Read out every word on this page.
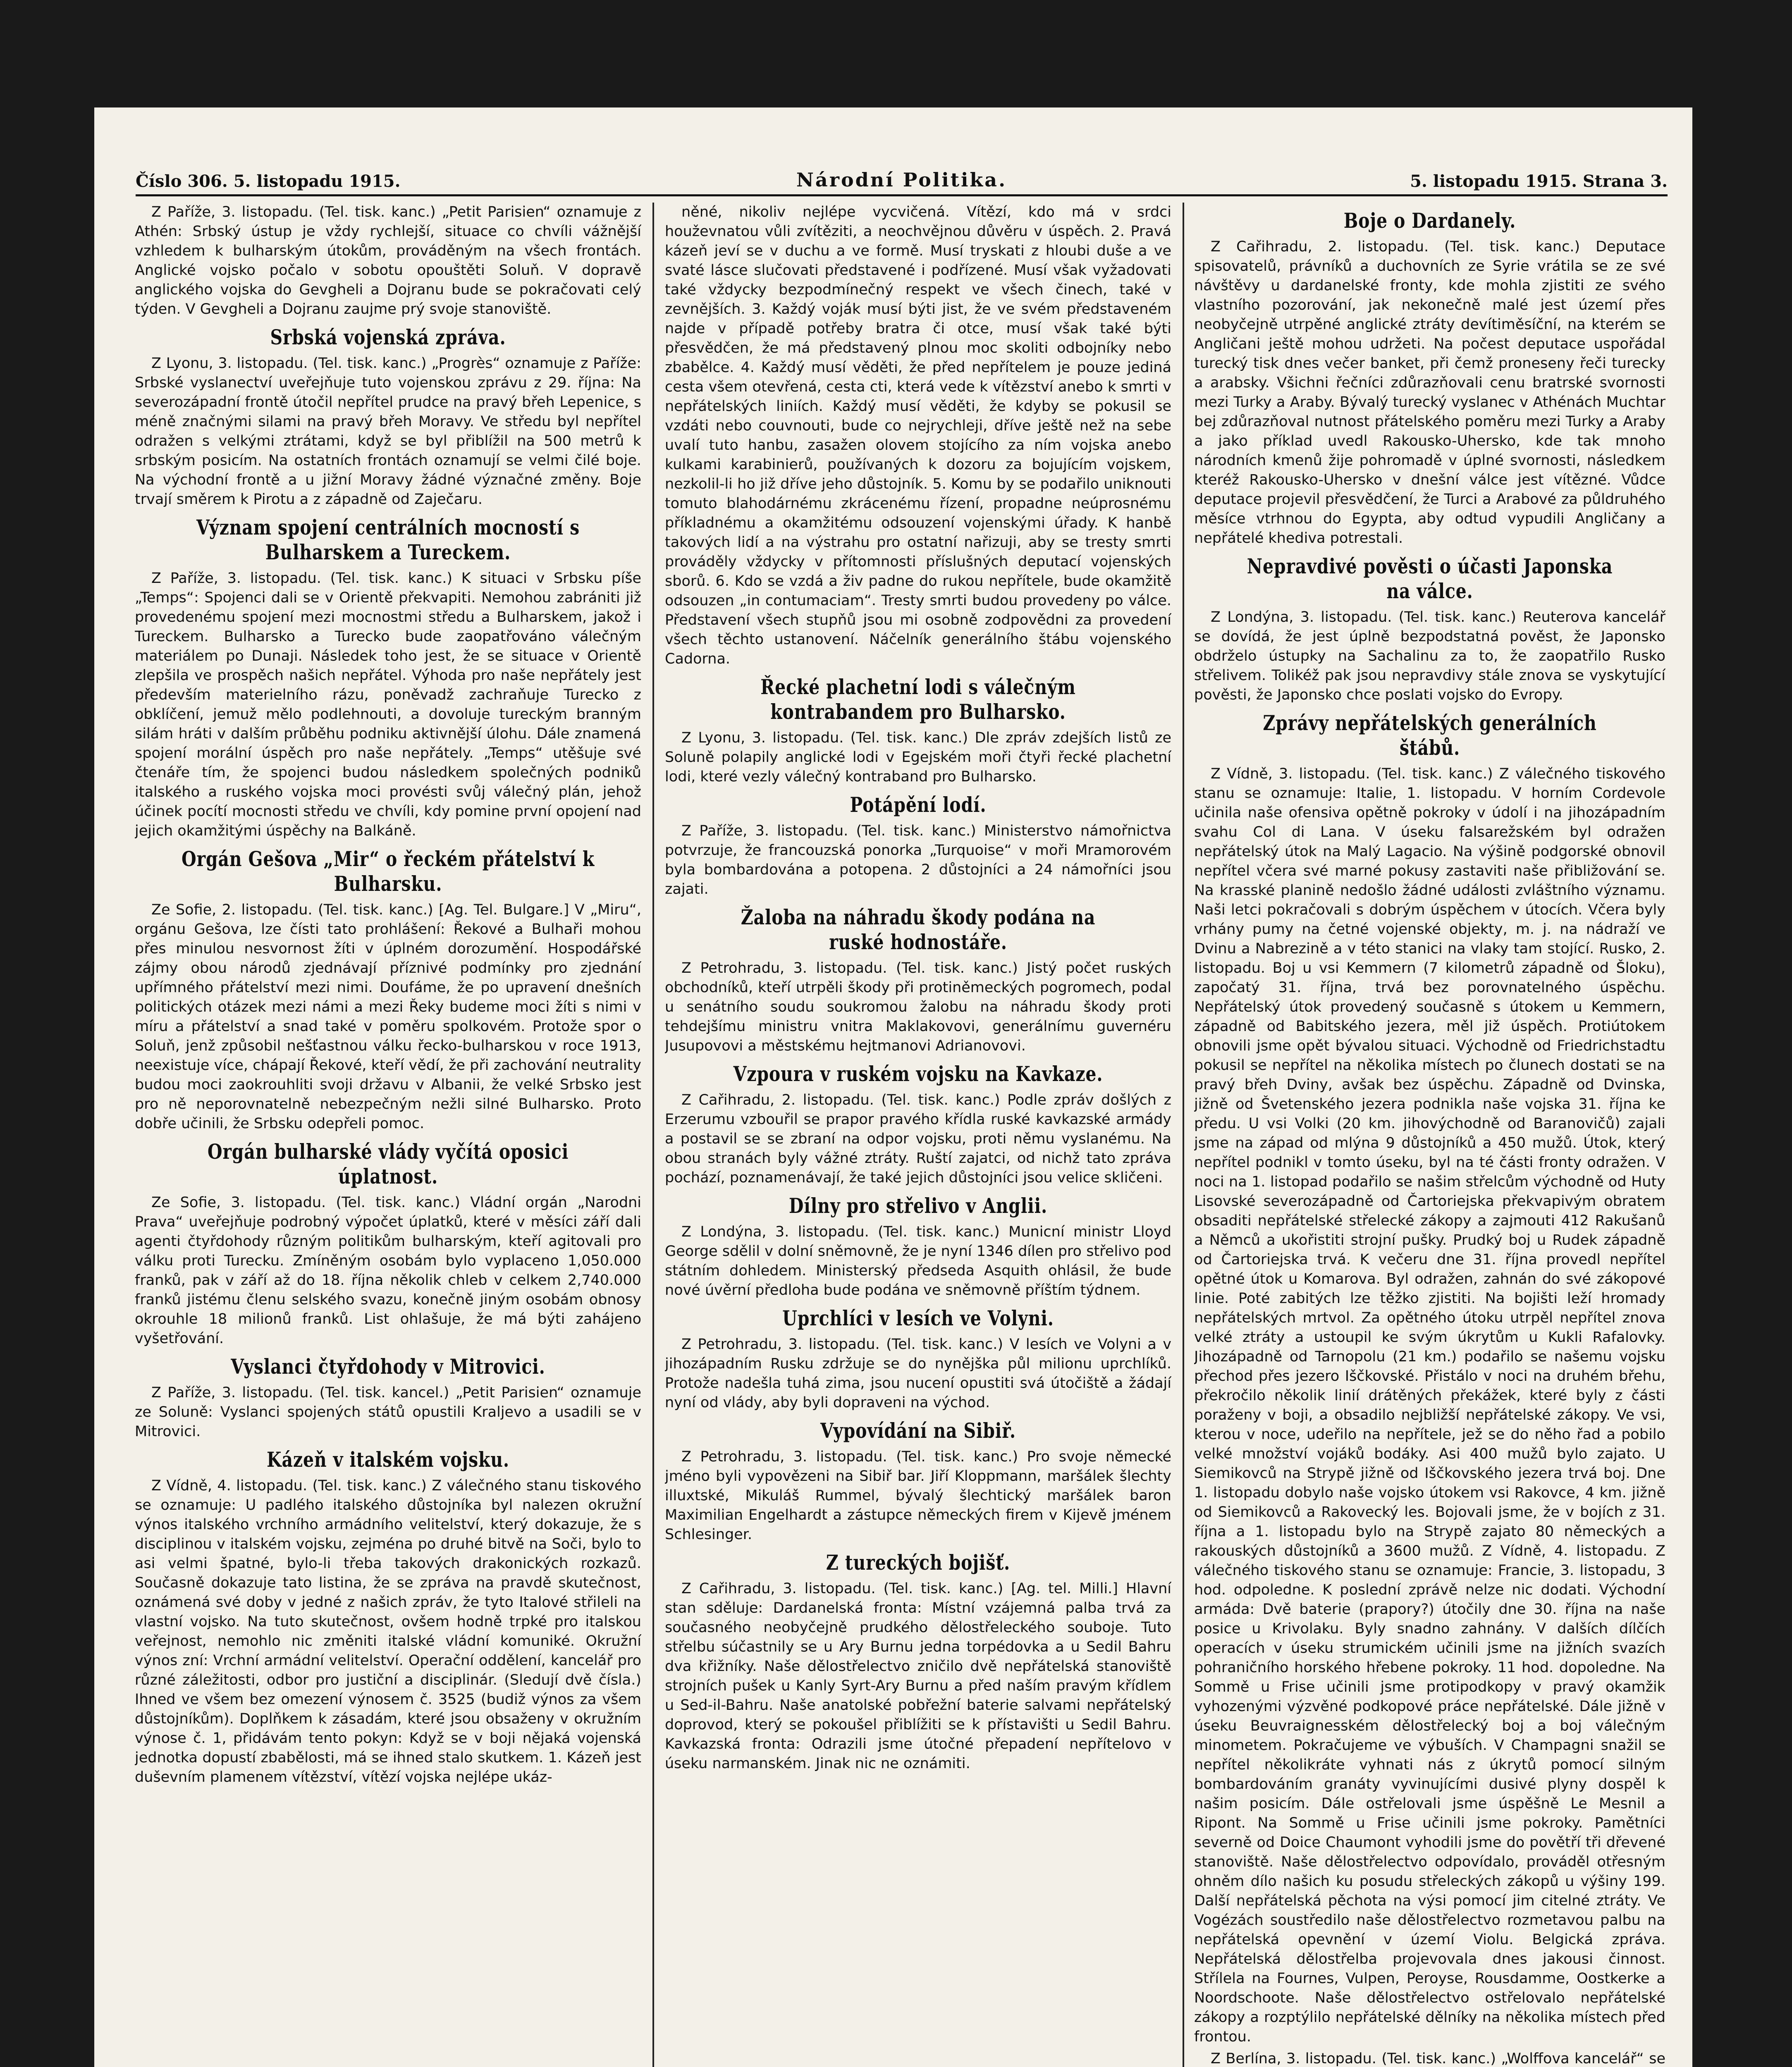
Číslo 306. 5. listopadu 1915.	Národní Politika.	5. listopadu 1915. Strana 3.

Z Paříže, 3. listopadu. (Tel. tisk. kanc.) „Petit Parisien“ oznamuje z Athén: Srbský ústup je vždy rychlejší, situace co chvíli vážnější vzhledem k bulharským útokům, prováděným na všech frontách. Anglické vojsko počalo v sobotu opouštěti Soluň. V dopravě anglického vojska do Gevgheli a Dojranu bude se pokračovati celý týden. V Gevgheli a Dojranu zaujme prý svoje stanoviště.

Srbská vojenská zpráva.

Z Lyonu, 3. listopadu. (Tel. tisk. kanc.) „Progrès“ oznamuje z Paříže: Srbské vyslanectví uveřejňuje tuto vojenskou zprávu z 29. října: Na severozápadní frontě útočil nepřítel prudce na pravý břeh Lepenice, s méně značnými silami na pravý břeh Moravy. Ve středu byl nepřítel odražen s velkými ztrátami, když se byl přiblížil na 500 metrů k srbským posicím. Na ostatních frontách oznamují se velmi čilé boje. Na východní frontě a u jižní Moravy žádné význačné změny. Boje trvají směrem k Pirotu a z západně od Zaječaru.

Význam spojení centrálních mocností s Bulharskem a Tureckem.

Z Paříže, 3. listopadu. (Tel. tisk. kanc.) K situaci v Srbsku píše „Temps“: Spojenci dali se v Orientě překvapiti. Nemohou zabrániti již provedenému spojení mezi mocnostmi středu a Bulharskem, jakož i Tureckem. Bulharsko a Turecko bude zaopatřováno válečným materiálem po Dunaji. Následek toho jest, že se situace v Orientě zlepšila ve prospěch našich nepřátel. Výhoda pro naše nepřátely jest především materielního rázu, poněvadž zachraňuje Turecko z obklíčení, jemuž mělo podlehnouti, a dovoluje tureckým branným silám hráti v dalším průběhu podniku aktivnější úlohu. Dále znamená spojení morální úspěch pro naše nepřátely. „Temps“ utěšuje své čtenáře tím, že spojenci budou následkem společných podniků italského a ruského vojska moci provésti svůj válečný plán, jehož účinek pocítí mocnosti středu ve chvíli, kdy pomine první opojení nad jejich okamžitými úspěchy na Balkáně.

Orgán Gešova „Mir“ o řeckém přátelství k Bulharsku.

Ze Sofie, 2. listopadu. (Tel. tisk. kanc.) [Ag. Tel. Bulgare.] V „Miru“, orgánu Gešova, lze čísti tato prohlášení: Řekové a Bulhaři mohou přes minulou nesvornost žíti v úplném dorozumění. Hospodářské zájmy obou národů zjednávají příznivé podmínky pro zjednání upřímného přátelství mezi nimi. Doufáme, že po upravení dnešních politických otázek mezi námi a mezi Řeky budeme moci žíti s nimi v míru a přátelství a snad také v poměru spolkovém. Protože spor o Soluň, jenž způsobil nešťastnou válku řecko-bulharskou v roce 1913, neexistuje více, chápají Řekové, kteří vědí, že při zachování neutrality budou moci zaokrouhliti svoji državu v Albanii, že velké Srbsko jest pro ně neporovnatelně nebezpečným nežli silné Bulharsko. Proto dobře učinili, že Srbsku odepřeli pomoc.

Orgán bulharské vlády vyčítá oposici úplatnost.

Ze Sofie, 3. listopadu. (Tel. tisk. kanc.) Vládní orgán „Narodni Prava“ uveřejňuje podrobný výpočet úplatků, které v měsíci září dali agenti čtyřdohody různým politikům bulharským, kteří agitovali pro válku proti Turecku. Zmíněným osobám bylo vyplaceno 1,050.000 franků, pak v září až do 18. října několik chleb v celkem 2,740.000 franků jistému členu selského svazu, konečně jiným osobám obnosy okrouhle 18 milionů franků. List ohlašuje, že má býti zahájeno vyšetřování.

Vyslanci čtyřdohody v Mitrovici.

Z Paříže, 3. listopadu. (Tel. tisk. kancel.) „Petit Parisien“ oznamuje ze Soluně: Vyslanci spojených států opustili Kraljevo a usadili se v Mitrovici.

Kázeň v italském vojsku.

Z Vídně, 4. listopadu. (Tel. tisk. kanc.) Z válečného stanu tiskového se oznamuje: U padlého italského důstojníka byl nalezen okružní výnos italského vrchního armádního velitelství, který dokazuje, že s disciplinou v italském vojsku, zejména po druhé bitvě na Soči, bylo to asi velmi špatné, bylo-li třeba takových drakonických rozkazů. Současně dokazuje tato listina, že se zpráva na pravdě skutečnost, oznámená své doby v jedné z našich zpráv, že tyto Italové střileli na vlastní vojsko. Na tuto skutečnost, ovšem hodně trpké pro italskou veřejnost, nemohlo nic změniti italské vládní komuniké. Okružní výnos zní: Vrchní armádní velitelství. Operační oddělení, kancelář pro různé záležitosti, odbor pro justiční a disciplinár. (Sledují dvě čísla.) Ihned ve všem bez omezení výnosem č. 3525 (budiž výnos za všem důstojníkům). Doplňkem k zásadám, které jsou obsaženy v okružním výnose č. 1, přidávám tento pokyn: Když se v boji nějaká vojenská jednotka dopustí zbabělosti, má se ihned stalo skutkem. 1. Kázeň jest duševním plamenem vítězství, vítězí vojska nejlépe ukáz-

něné, nikoliv nejlépe vycvičená. Vítězí, kdo má v srdci houževnatou vůli zvítěziti, a neochvějnou důvěru v úspěch. 2. Pravá kázeň jeví se v duchu a ve formě. Musí tryskati z hloubi duše a ve svaté lásce slučovati představené i podřízené. Musí však vyžadovati také vždycky bezpodmínečný respekt ve všech činech, také v zevnějších. 3. Každý voják musí býti jist, že ve svém představeném najde v případě potřeby bratra či otce, musí však také býti přesvědčen, že má představený plnou moc skoliti odbojníky nebo zbabělce. 4. Každý musí věděti, že před nepřítelem je pouze jediná cesta všem otevřená, cesta cti, která vede k vítězství anebo k smrti v nepřátelských liniích. Každý musí věděti, že kdyby se pokusil se vzdáti nebo couvnouti, bude co nejrychleji, dříve ještě než na sebe uvalí tuto hanbu, zasažen olovem stojícího za ním vojska anebo kulkami karabinierů, používaných k dozoru za bojujícím vojskem, nezkolil-li ho již dříve jeho důstojník. 5. Komu by se podařilo uniknouti tomuto blahodárnému zkrácenému řízení, propadne neúprosnému příkladnému a okamžitému odsouzení vojenskými úřady. K hanbě takových lidí a na výstrahu pro ostatní nařizuji, aby se tresty smrti prováděly vždycky v přítomnosti příslušných deputací vojenských sborů. 6. Kdo se vzdá a živ padne do rukou nepřítele, bude okamžitě odsouzen „in contumaciam“. Tresty smrti budou provedeny po válce. Představení všech stupňů jsou mi osobně zodpovědni za provedení všech těchto ustanovení. Náčelník generálního štábu vojenského Cadorna.

Řecké plachetní lodi s válečným kontrabandem pro Bulharsko.

Z Lyonu, 3. listopadu. (Tel. tisk. kanc.) Dle zpráv zdejších listů ze Soluně polapily anglické lodi v Egejském moři čtyři řecké plachetní lodi, které vezly válečný kontraband pro Bulharsko.

Potápění lodí.

Z Paříže, 3. listopadu. (Tel. tisk. kanc.) Ministerstvo námořnictva potvrzuje, že francouzská ponorka „Turquoise“ v moři Mramorovém byla bombardována a potopena. 2 důstojníci a 24 námořníci jsou zajati.

Žaloba na náhradu škody podána na ruské hodnostáře.

Z Petrohradu, 3. listopadu. (Tel. tisk. kanc.) Jistý počet ruských obchodníků, kteří utrpěli škody při protiněmeckých pogromech, podal u senátního soudu soukromou žalobu na náhradu škody proti tehdejšímu ministru vnitra Maklakovovi, generálnímu guvernéru Jusupovovi a městskému hejtmanovi Adrianovovi.

Vzpoura v ruském vojsku na Kavkaze.

Z Cařihradu, 2. listopadu. (Tel. tisk. kanc.) Podle zpráv došlých z Erzerumu vzbouřil se prapor pravého křídla ruské kavkazské armády a postavil se se zbraní na odpor vojsku, proti němu vyslanému. Na obou stranách byly vážné ztráty. Ruští zajatci, od nichž tato zpráva pochází, poznamenávají, že také jejich důstojníci jsou velice skličeni.

Dílny pro střelivo v Anglii.

Z Londýna, 3. listopadu. (Tel. tisk. kanc.) Municní ministr Lloyd George sdělil v dolní sněmovně, že je nyní 1346 dílen pro střelivo pod státním dohledem. Ministerský předseda Asquith ohlásil, že bude nové úvěrní předloha bude podána ve sněmovně příštím týdnem.

Uprchlíci v lesích ve Volyni.

Z Petrohradu, 3. listopadu. (Tel. tisk. kanc.) V lesích ve Volyni a v jihozápadním Rusku zdržuje se do nynějška půl milionu uprchlíků. Protože nadešla tuhá zima, jsou nucení opustiti svá útočiště a žádají nyní od vlády, aby byli dopraveni na východ.

Vypovídání na Sibiř.

Z Petrohradu, 3. listopadu. (Tel. tisk. kanc.) Pro svoje německé jméno byli vypovězeni na Sibiř bar. Jiří Kloppmann, maršálek šlechty illuxtské, Mikuláš Rummel, bývalý šlechtický maršálek baron Maximilian Engelhardt a zástupce německých firem v Kijevě jménem Schlesinger.

Z tureckých bojišť.

Z Cařihradu, 3. listopadu. (Tel. tisk. kanc.) [Ag. tel. Milli.] Hlavní stan sděluje: Dardanelská fronta: Místní vzájemná palba trvá za současného neobyčejně prudkého dělostřeleckého souboje. Tuto střelbu súčastnily se u Ary Burnu jedna torpédovka a u Sedil Bahru dva křižníky. Naše dělostřelectvo zničilo dvě nepřátelská stanoviště strojních pušek u Kanly Syrt-Ary Burnu a před naším pravým křídlem u Sed-il-Bahru. Naše anatolské pobřežní baterie salvami nepřátelský doprovod, který se pokoušel přiblížiti se k přístavišti u Sedil Bahru. Kavkazská fronta: Odrazili jsme útočné přepadení nepřítelovo v úseku narmanském. Jinak nic ne oznámiti.

Boje o Dardanely.

Z Cařihradu, 2. listopadu. (Tel. tisk. kanc.) Deputace spisovatelů, právníků a duchovních ze Syrie vrátila se ze své návštěvy u dardanelské fronty, kde mohla zjistiti ze svého vlastního pozorování, jak nekonečně malé jest území přes neobyčejně utrpěné anglické ztráty devítiměsíční, na kterém se Angličani ještě mohou udržeti. Na počest deputace uspořádal turecký tisk dnes večer banket, při čemž proneseny řeči turecky a arabsky. Všichni řečníci zdůrazňovali cenu bratrské svornosti mezi Turky a Araby. Bývalý turecký vyslanec v Athénách Muchtar bej zdůrazňoval nutnost přátelského poměru mezi Turky a Araby a jako příklad uvedl Rakousko-Uhersko, kde tak mnoho národních kmenů žije pohromadě v úplné svornosti, následkem kteréž Rakousko-Uhersko v dnešní válce jest vítězné. Vůdce deputace projevil přesvědčení, že Turci a Arabové za půldruhého měsíce vtrhnou do Egypta, aby odtud vypudili Angličany a nepřátelé khediva potrestali.

Nepravdivé pověsti o účasti Japonska na válce.

Z Londýna, 3. listopadu. (Tel. tisk. kanc.) Reuterova kancelář se dovídá, že jest úplně bezpodstatná pověst, že Japonsko obdrželo ústupky na Sachalinu za to, že zaopatřilo Rusko střelivem. Tolikéž pak jsou nepravdivy stále znova se vyskytující pověsti, že Japonsko chce poslati vojsko do Evropy.

Zprávy nepřátelských generálních štábů.

Z Vídně, 3. listopadu. (Tel. tisk. kanc.) Z válečného tiskového stanu se oznamuje: Italie, 1. listopadu. V horním Cordevole učinila naše ofensiva opětně pokroky v údolí i na jihozápadním svahu Col di Lana. V úseku falsarežském byl odražen nepřátelský útok na Malý Lagacio. Na výšině podgorské obnovil nepřítel včera své marné pokusy zastaviti naše přibližování se. Na krasské planině nedošlo žádné události zvláštního významu. Naši letci pokračovali s dobrým úspěchem v útocích. Včera byly vrhány pumy na četné vojenské objekty, m. j. na nádraží ve Dvinu a Nabrezině a v této stanici na vlaky tam stojící. Rusko, 2. listopadu. Boj u vsi Kemmern (7 kilometrů západně od Šloku), započatý 31. října, trvá bez porovnatelného úspěchu. Nepřátelský útok provedený současně s útokem u Kemmern, západně od Babitského jezera, měl již úspěch. Protiútokem obnovili jsme opět bývalou situaci. Východně od Friedrichstadtu pokusil se nepřítel na několika místech po člunech dostati se na pravý břeh Dviny, avšak bez úspěchu. Západně od Dvinska, jižně od Švetenského jezera podnikla naše vojska 31. října ke předu. U vsi Volki (20 km. jihovýchodně od Baranovičů) zajali jsme na západ od mlýna 9 důstojníků a 450 mužů. Útok, který nepřítel podnikl v tomto úseku, byl na té části fronty odražen. V noci na 1. listopad podařilo se našim střelcům východně od Huty Lisovské severozápadně od Čartoriejska překvapivým obratem obsaditi nepřátelské střelecké zákopy a zajmouti 412 Rakušanů a Němců a ukořistiti strojní pušky. Prudký boj u Rudek západně od Čartoriejska trvá. K večeru dne 31. října provedl nepřítel opětné útok u Komarova. Byl odražen, zahnán do své zákopové linie. Poté zabitých lze těžko zjistiti. Na bojišti leží hromady nepřátelských mrtvol. Za opětného útoku utrpěl nepřítel znova velké ztráty a ustoupil ke svým úkrytům u Kukli Rafalovky. Jihozápadně od Tarnopolu (21 km.) podařilo se našemu vojsku přechod přes jezero Iščkovské. Přistálo v noci na druhém břehu, překročilo několik linií drátěných překážek, které byly z části poraženy v boji, a obsadilo nejbližší nepřátelské zákopy. Ve vsi, kterou v noce, udeřilo na nepřítele, jež se do něho řad a pobilo velké množství vojáků bodáky. Asi 400 mužů bylo zajato. U Siemikovců na Strypě jižně od Iščkovského jezera trvá boj. Dne 1. listopadu dobylo naše vojsko útokem vsi Rakovce, 4 km. jižně od Siemikovců a Rakovecký les. Bojovali jsme, že v bojích z 31. října a 1. listopadu bylo na Strypě zajato 80 německých a rakouských důstojníků a 3600 mužů. Z Vídně, 4. listopadu. Z válečného tiskového stanu se oznamuje: Francie, 3. listopadu, 3 hod. odpoledne. K poslední zprávě nelze nic dodati. Východní armáda: Dvě baterie (prapory?) útočily dne 30. října na naše posice u Krivolaku. Byly snadno zahnány. V dalších dílčích operacích v úseku strumickém učinili jsme na jižních svazích pohraničního horského hřebene pokroky. 11 hod. dopoledne. Na Sommě u Frise učinili jsme protipodkopy v pravý okamžik vyhozenými výzvěné podkopové práce nepřátelské. Dále jižně v úseku Beuvraignesském dělostřelecký boj a boj válečným minometem. Pokračujeme ve výbuších. V Champagni snažil se nepřítel několikráte vyhnati nás z úkrytů pomocí silným bombardováním granáty vyvinujícími dusivé plyny dospěl k našim posicím. Dále ostřelovali jsme úspěšně Le Mesnil a Ripont. Na Sommě u Frise učinili jsme pokroky. Pamětníci severně od Doice Chaumont vyhodili jsme do povětří tři dřevené stanoviště. Naše dělostřelectvo odpovídalo, prováděl otřesným ohněm dílo našich ku posudu střeleckých zákopů u výšiny 199. Další nepřátelská pěchota na výsi pomocí jim citelné ztráty. Ve Vogézách soustředilo naše dělostřelectvo rozmetavou palbu na nepřátelská opevnění v území Violu. Belgická zpráva. Nepřátelská dělostřelba projevovala dnes jakousi činnost. Střílela na Fournes, Vulpen, Peroyse, Rousdamme, Oostkerke a Noordschoote. Naše dělostřelectvo ostřelovalo nepřátelské zákopy a rozptýlilo nepřátelské dělníky na několika místech před frontou.

Z Berlína, 3. listopadu. (Tel. tisk. kanc.) „Wolffova kancelář“ se
